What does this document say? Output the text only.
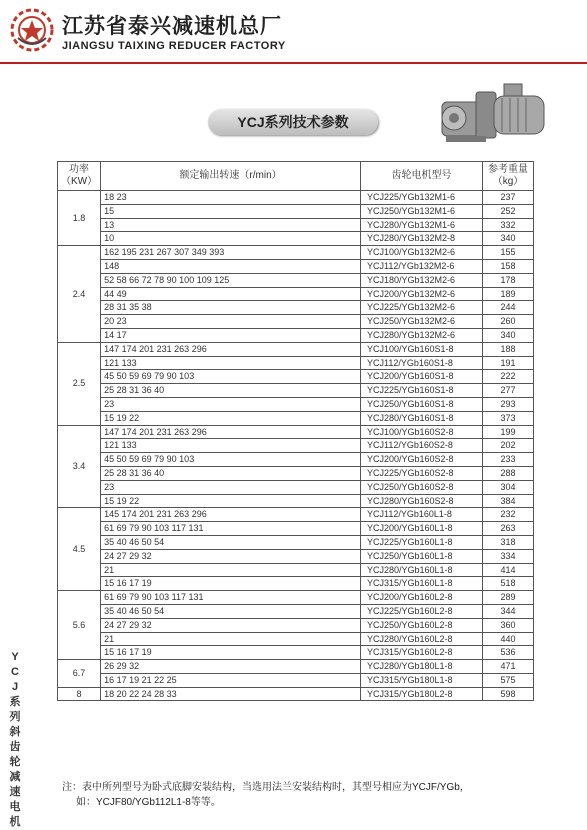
江苏省泰兴减速机总厂
JIANGSU TAIXING REDUCER FACTORY
YCJ系列技术参数
YCJ系列斜齿轮减速电机
功率
（KW）	额定输出转速（r/min）	齿轮电机型号	参考重量
（kg）
1.8	18 23	YCJ225/YGb132M1-6	237
	15	YCJ250/YGb132M1-6	252
	13	YCJ280/YGb132M1-6	332
	10	YCJ280/YGb132M2-8	340
2.4	162 195 231 267 307 349 393	YCJ100/YGb132M2-6	155
	148	YCJ112/YGb132M2-6	158
	52 58 66 72 78 90 100 109 125	YCJ180/YGb132M2-6	178
	44 49	YCJ200/YGb132M2-6	189
	28 31 35 38	YCJ225/YGb132M2-6	244
	20 23	YCJ250/YGb132M2-6	260
	14 17	YCJ280/YGb132M2-6	340
2.5	147 174 201 231 263 296	YCJ100/YGb160S1-8	188
	121 133	YCJ112/YGb160S1-8	191
	45 50 59 69 79 90 103	YCJ200/YGb160S1-8	222
	25 28 31 36 40	YCJ225/YGb160S1-8	277
	23	YCJ250/YGb160S1-8	293
	15 19 22	YCJ280/YGb160S1-8	373
3.4	147 174 201 231 263 296	YCJ100/YGb160S2-8	199
	121 133	YCJ112/YGb160S2-8	202
	45 50 59 69 79 90 103	YCJ200/YGb160S2-8	233
	25 28 31 36 40	YCJ225/YGb160S2-8	288
	23	YCJ250/YGb160S2-8	304
	15 19 22	YCJ280/YGb160S2-8	384
4.5	145 174 201 231 263 296	YCJ112/YGb160L1-8	232
	61 69 79 90 103 117 131	YCJ200/YGb160L1-8	263
	35 40 46 50 54	YCJ225/YGb160L1-8	318
	24 27 29 32	YCJ250/YGb160L1-8	334
	21	YCJ280/YGb160L1-8	414
	15 16 17 19	YCJ315/YGb160L1-8	518
5.6	61 69 79 90 103 117 131	YCJ200/YGb160L2-8	289
	35 40 46 50 54	YCJ225/YGb160L2-8	344
	24 27 29 32	YCJ250/YGb160L2-8	360
	21	YCJ280/YGb160L2-8	440
	15 16 17 19	YCJ315/YGb160L2-8	536
6.7	26 29 32	YCJ280/YGb180L1-8	471
	16 17 19 21 22 25	YCJ315/YGb180L1-8	575
8	18 20 22 24 28 33	YCJ315/YGb180L2-8	598
注：表中所列型号为卧式底脚安装结构，当选用法兰安装结构时，其型号相应为YCJF/YGb，
如：YCJF80/YGb112L1-8等等。
